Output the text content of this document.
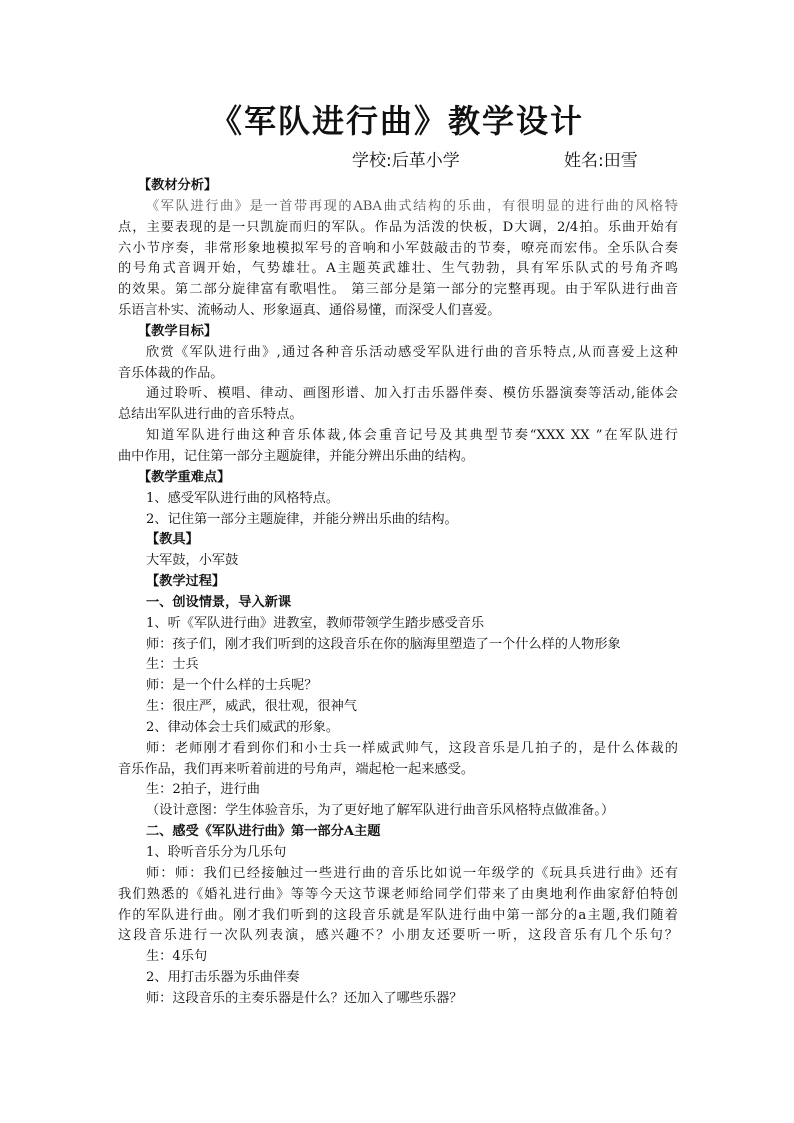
《军队进行曲》教学设计
学校:后革小学	姓名:田雪
【教材分析】
《军队进行曲》是一首带再现的ABA曲式结构的乐曲，有很明显的进行曲的风格特
点，主要表现的是一只凯旋而归的军队。作品为活泼的快板，D大调，2/4拍。乐曲开始有
六小节序奏，非常形象地模拟军号的音响和小军鼓敲击的节奏，嘹亮而宏伟。全乐队合奏
的号角式音调开始，气势雄壮。A主题英武雄壮、生气勃勃，具有军乐队式的号角齐鸣
的效果。第二部分旋律富有歌唱性。 第三部分是第一部分的完整再现。由于军队进行曲音
乐语言朴实、流畅动人、形象逼真、通俗易懂，而深受人们喜爱。
【教学目标】
欣赏《军队进行曲》,通过各种音乐活动感受军队进行曲的音乐特点,从而喜爱上这种
音乐体裁的作品。
通过聆听、模唱、律动、画图形谱、加入打击乐器伴奏、模仿乐器演奏等活动,能体会
总结出军队进行曲的音乐特点。
知道军队进行曲这种音乐体裁,体会重音记号及其典型节奏“XXX XX ”在军队进行
曲中作用，记住第一部分主题旋律，并能分辨出乐曲的结构。
【教学重难点】
1、感受军队进行曲的风格特点。
2、记住第一部分主题旋律，并能分辨出乐曲的结构。
【教具】
大军鼓，小军鼓
【教学过程】
一、创设情景，导入新课
1、听《军队进行曲》进教室，教师带领学生踏步感受音乐
师：孩子们，刚才我们听到的这段音乐在你的脑海里塑造了一个什么样的人物形象
生：士兵
师：是一个什么样的士兵呢？
生：很庄严，威武，很壮观，很神气
2、律动体会士兵们威武的形象。
师：老师刚才看到你们和小士兵一样威武帅气，这段音乐是几拍子的，是什么体裁的
音乐作品，我们再来听着前进的号角声，端起枪一起来感受。
生：2拍子，进行曲
（设计意图：学生体验音乐，为了更好地了解军队进行曲音乐风格特点做准备。）
二、感受《军队进行曲》第一部分A主题
1、聆听音乐分为几乐句
师：师：我们已经接触过一些进行曲的音乐比如说一年级学的《玩具兵进行曲》还有
我们熟悉的《婚礼进行曲》等等今天这节课老师给同学们带来了由奥地利作曲家舒伯特创
作的军队进行曲。刚才我们听到的这段音乐就是军队进行曲中第一部分的a主题,我们随着
这段音乐进行一次队列表演，感兴趣不？小朋友还要听一听，这段音乐有几个乐句？
生：4乐句
2、用打击乐器为乐曲伴奏
师：这段音乐的主奏乐器是什么？还加入了哪些乐器？
